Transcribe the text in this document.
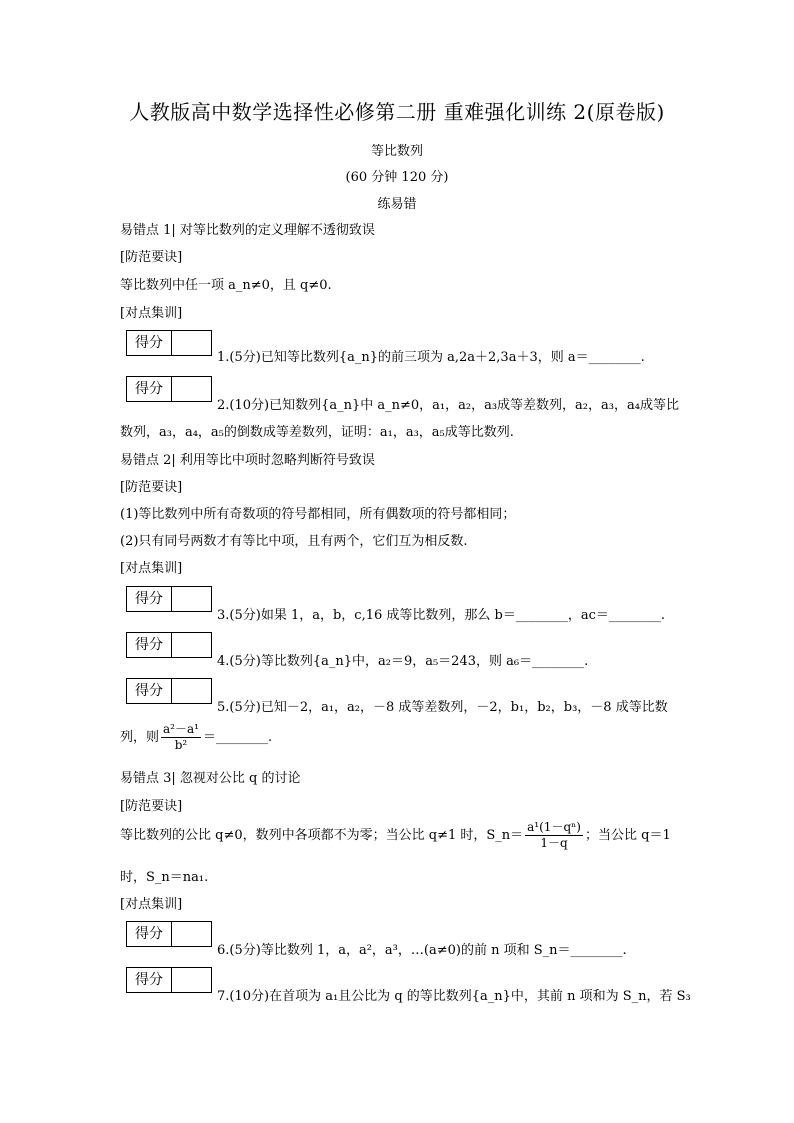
人教版高中数学选择性必修第二册 重难强化训练 2(原卷版)
等比数列
(60 分钟 120 分)
练易错
易错点 1| 对等比数列的定义理解不透彻致误
[防范要诀]
等比数列中任一项 a_n≠0，且 q≠0.
[对点集训]
得分
1.(5分)已知等比数列{a_n}的前三项为 a,2a＋2,3a＋3，则 a＝________.
得分
2.(10分)已知数列{a_n}中 a_n≠0，a₁，a₂，a₃成等差数列，a₂，a₃，a₄成等比
数列，a₃，a₄，a₅的倒数成等差数列，证明：a₁，a₃，a₅成等比数列.
易错点 2| 利用等比中项时忽略判断符号致误
[防范要诀]
(1)等比数列中所有奇数项的符号都相同，所有偶数项的符号都相同；
(2)只有同号两数才有等比中项，且有两个，它们互为相反数.
[对点集训]
得分
3.(5分)如果 1，a，b，c,16 成等比数列，那么 b＝________，ac＝________.
得分
4.(5分)等比数列{a_n}中，a₂＝9，a₅＝243，则 a₆＝________.
得分
5.(5分)已知－2，a₁，a₂，－8 成等差数列，－2，b₁，b₂，b₃，－8 成等比数
列，则 $\frac{\text{a²－a¹}}{\text{b²}}$ ＝________.
易错点 3| 忽视对公比 q 的讨论
[防范要诀]
等比数列的公比 q≠0，数列中各项都不为零；当公比 q≠1 时，S_n＝ $\frac{\text{a¹(1－qⁿ)}}{1-q}$ ；当公比 q＝1
时，S_n＝na₁.
[对点集训]
得分
6.(5分)等比数列 1，a，a²，a³，…(a≠0)的前 n 项和 S_n＝________.
得分
7.(10分)在首项为 a₁且公比为 q 的等比数列{a_n}中，其前 n 项和为 S_n，若 S₃
